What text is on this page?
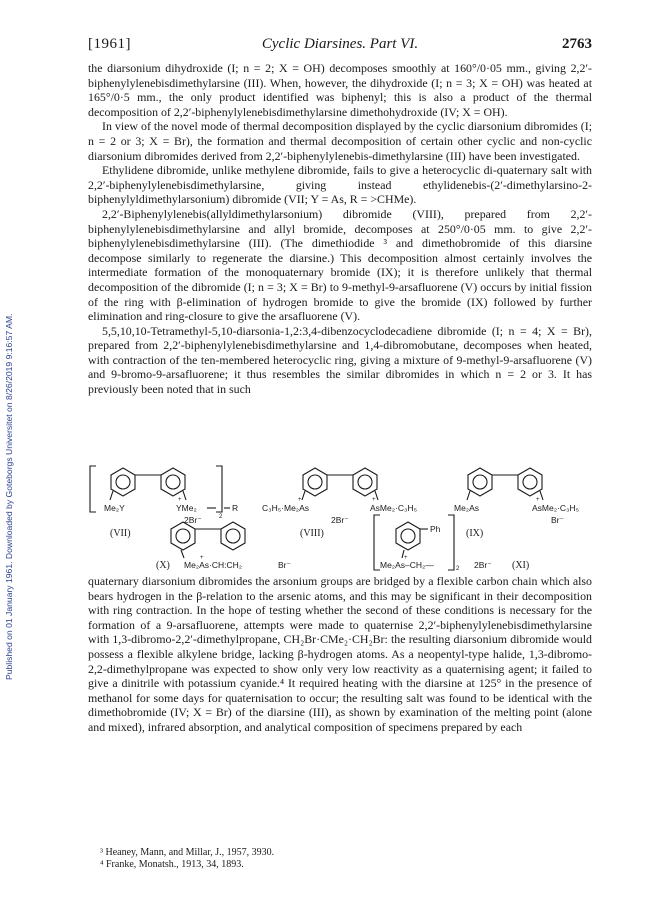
Published on 01 January 1961. Downloaded by Goteborgs Universitet on 8/26/2019 9:16:57 AM.
[1961]	Cyclic Diarsines. Part VI.	2763

the diarsonium dihydroxide (I; n = 2; X = OH) decomposes smoothly at 160°/0·05 mm., giving 2,2′-biphenylylenebisdimethylarsine (III). When, however, the dihydroxide (I; n = 3; X = OH) was heated at 165°/0·5 mm., the only product identified was biphenyl; this is also a product of the thermal decomposition of 2,2′-biphenylylenebisdimethylarsine dimethohydroxide (IV; X = OH).

In view of the novel mode of thermal decomposition displayed by the cyclic diarsonium dibromides (I; n = 2 or 3; X = Br), the formation and thermal decomposition of certain other cyclic and non-cyclic diarsonium dibromides derived from 2,2′-biphenylylenebis-dimethylarsine (III) have been investigated.

Ethylidene dibromide, unlike methylene dibromide, fails to give a heterocyclic di-quaternary salt with 2,2′-biphenylylenebisdimethylarsine, giving instead ethylidenebis-(2′-dimethylarsino-2-biphenylyldimethylarsonium) dibromide (VII; Y = As, R = >CHMe).

2,2′-Biphenylylenebis(allyldimethylarsonium) dibromide (VIII), prepared from 2,2′-biphenylylenebisdimethylarsine and allyl bromide, decomposes at 250°/0·05 mm. to give 2,2′-biphenylylenebisdimethylarsine (III). (The dimethiodide ³ and dimethobromide of this diarsine decompose similarly to regenerate the diarsine.) This decomposition almost certainly involves the intermediate formation of the monoquaternary bromide (IX); it is therefore unlikely that thermal decomposition of the dibromide (I; n = 3; X = Br) to 9-methyl-9-arsafluorene (V) occurs by initial fission of the ring with β-elimination of hydrogen bromide to give the bromide (IX) followed by further elimination and ring-closure to give the arsafluorene (V).

5,5,10,10-Tetramethyl-5,10-diarsonia-1,2:3,4-dibenzocyclodecadiene dibromide (I; n = 4; X = Br), prepared from 2,2′-biphenylylenebisdimethylarsine and 1,4-dibromobutane, decomposes when heated, with contraction of the ten-membered heterocyclic ring, giving a mixture of 9-methyl-9-arsafluorene (V) and 9-bromo-9-arsafluorene; it thus resembles the similar dibromides in which n = 2 or 3. It has previously been noted that in such

Me₂Y
+
YMe₂
2
R
2Br⁻
(VII)
+
C₃H₅·Me₂As
+
AsMe₂·C₃H₅
2Br⁻
(VIII)
Me₂As
+
AsMe₂·C₃H₅
Br⁻
(IX)
(X)
+
Me₂As·CH:CH₂	Br⁻
Ph
+
Me₂As–CH₂—	2 2Br⁻ (XI)

quaternary diarsonium dibromides the arsonium groups are bridged by a flexible carbon chain which also bears hydrogen in the β-relation to the arsenic atoms, and this may be significant in their decomposition with ring contraction. In the hope of testing whether the second of these conditions is necessary for the formation of a 9-arsafluorene, attempts were made to quaternise 2,2′-biphenylylenebisdimethylarsine with 1,3-dibromo-2,2′-dimethylpropane, CH₂Br·CMe₂·CH₂Br: the resulting diarsonium dibromide would possess a flexible alkylene bridge, lacking β-hydrogen atoms. As a neopentyl-type halide, 1,3-dibromo-2,2-dimethylpropane was expected to show only very low reactivity as a quaternising agent; it failed to give a dinitrile with potassium cyanide.⁴ It required heating with the diarsine at 125° in the presence of methanol for some days for quaternisation to occur; the resulting salt was found to be identical with the dimethobromide (IV; X = Br) of the diarsine (III), as shown by examination of the melting point (alone and mixed), infrared absorption, and analytical composition of specimens prepared by each

³ Heaney, Mann, and Millar, J., 1957, 3930.
⁴ Franke, Monatsh., 1913, 34, 1893.
